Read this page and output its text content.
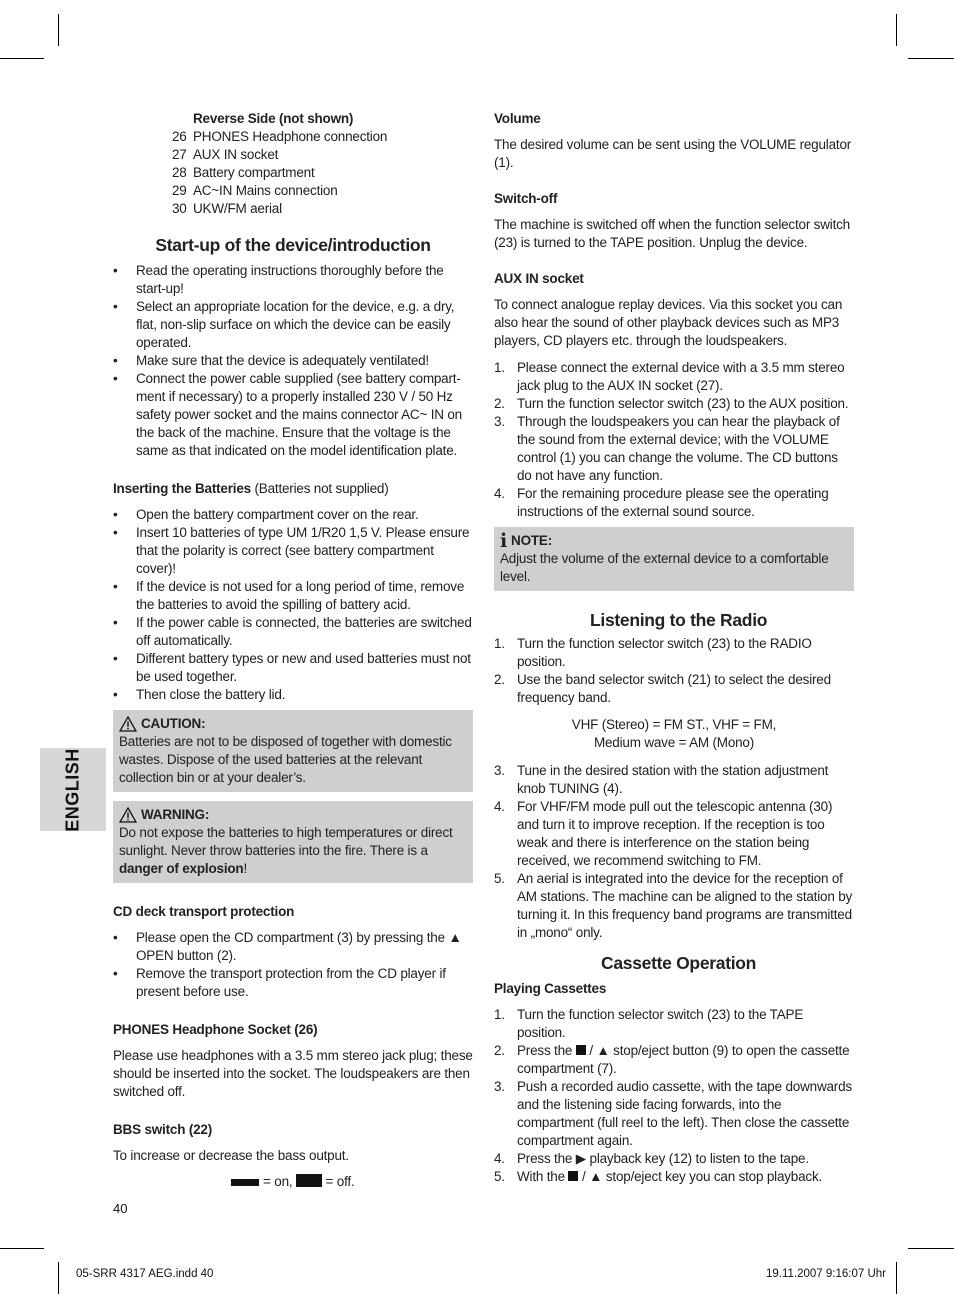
ENGLISH
Reverse Side (not shown)
26 PHONES Headphone connection
27 AUX IN socket
28 Battery compartment
29 AC~IN Mains connection
30 UKW/FM aerial
Start-up of the device/introduction
• Read the operating instructions thoroughly before the start-up!
• Select an appropriate location for the device, e.g. a dry, flat, non-slip surface on which the device can be easily operated.
• Make sure that the device is adequately ventilated!
• Connect the power cable supplied (see battery compart-ment if necessary) to a properly installed 230 V / 50 Hz safety power socket and the mains connector AC~ IN on the back of the machine. Ensure that the voltage is the same as that indicated on the model identification plate.
Inserting the Batteries (Batteries not supplied)
• Open the battery compartment cover on the rear.
• Insert 10 batteries of type UM 1/R20 1,5 V. Please ensure that the polarity is correct (see battery compartment cover)!
• If the device is not used for a long period of time, remove the batteries to avoid the spilling of battery acid.
• If the power cable is connected, the batteries are switched off automatically.
• Different battery types or new and used batteries must not be used together.
• Then close the battery lid.
CAUTION:
Batteries are not to be disposed of together with domestic wastes. Dispose of the used batteries at the relevant collection bin or at your dealer’s.
WARNING:
Do not expose the batteries to high temperatures or direct sunlight. Never throw batteries into the fire. There is a danger of explosion!
CD deck transport protection
• Please open the CD compartment (3) by pressing the ▲ OPEN button (2).
• Remove the transport protection from the CD player if present before use.
PHONES Headphone Socket (26)
Please use headphones with a 3.5 mm stereo jack plug; these should be inserted into the socket. The loudspeakers are then switched off.
BBS switch (22)
To increase or decrease the bass output.
= on,  = off.
Volume
The desired volume can be sent using the VOLUME regulator (1).
Switch-off
The machine is switched off when the function selector switch (23) is turned to the TAPE position. Unplug the device.
AUX IN socket
To connect analogue replay devices. Via this socket you can also hear the sound of other playback devices such as MP3 players, CD players etc. through the loudspeakers.
1. Please connect the external device with a 3.5 mm stereo jack plug to the AUX IN socket (27).
2. Turn the function selector switch (23) to the AUX position.
3. Through the loudspeakers you can hear the playback of the sound from the external device; with the VOLUME control (1) you can change the volume. The CD buttons do not have any function.
4. For the remaining procedure please see the operating instructions of the external sound source.
i NOTE:
Adjust the volume of the external device to a comfortable level.
Listening to the Radio
1. Turn the function selector switch (23) to the RADIO position.
2. Use the band selector switch (21) to select the desired frequency band.
VHF (Stereo) = FM ST., VHF = FM,
Medium wave = AM (Mono)
3. Tune in the desired station with the station adjustment knob TUNING (4).
4. For VHF/FM mode pull out the telescopic antenna (30) and turn it to improve reception. If the reception is too weak and there is interference on the station being received, we recommend switching to FM.
5. An aerial is integrated into the device for the reception of AM stations. The machine can be aligned to the station by turning it. In this frequency band programs are transmitted in „mono“ only.
Cassette Operation
Playing Cassettes
1. Turn the function selector switch (23) to the TAPE position.
2. Press the  / ▲ stop/eject button (9) to open the cassette compartment (7).
3. Push a recorded audio cassette, with the tape downwards and the listening side facing forwards, into the compartment (full reel to the left). Then close the cassette compartment again.
4. Press the ▶ playback key (12) to listen to the tape.
5. With the  / ▲ stop/eject key you can stop playback.
40
05-SRR 4317 AEG.indd 40	19.11.2007 9:16:07 Uhr
